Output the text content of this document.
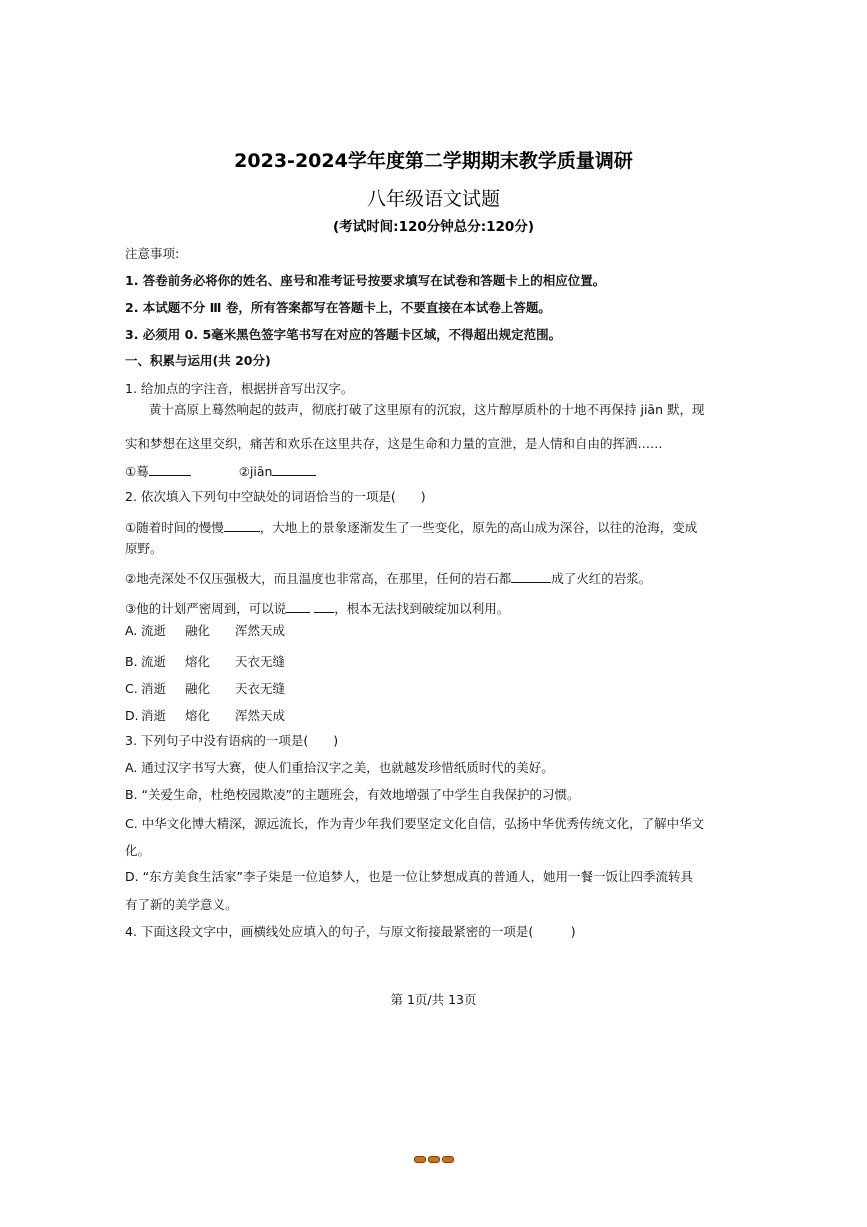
2023-2024学年度第二学期期末教学质量调研
八年级语文试题
(考试时间:120分钟总分:120分)
注意事项:
1. 答卷前务必将你的姓名、座号和准考证号按要求填写在试卷和答题卡上的相应位置。
2. 本试题不分 Ⅲ 卷，所有答案都写在答题卡上，不要直接在本试卷上答题。
3. 必须用 0. 5毫米黑色签字笔书写在对应的答题卡区域，不得超出规定范围。
一、积累与运用(共 20分)
1. 给加点的字注音，根据拼音写出汉字。
黄十高原上蓦然响起的鼓声，彻底打破了这里原有的沉寂，这片醇厚质朴的十地不再保持 jiān 默，现
实和梦想在这里交织，痛苦和欢乐在这里共存，这是生命和力量的宣泄，是人情和自由的挥洒……
①蓦	②jiān
2. 依次填入下列句中空缺处的词语恰当的一项是(　　)
①随着时间的慢慢	，大地上的景象逐渐发生了一些变化，原先的高山成为深谷，以往的沧海，变成
原野。
②地壳深处不仅压强极大，而且温度也非常高，在那里，任何的岩石都	成了火红的岩浆。
③他的计划严密周到，可以说	，根本无法找到破绽加以利用。
A. 流逝 融化 浑然天成
B. 流逝 熔化 天衣无缝
C. 消逝 融化 天衣无缝
D. 消逝 熔化 浑然天成
3. 下列句子中没有语病的一项是(　　)
A. 通过汉字书写大赛，使人们重拾汉字之美，也就越发珍惜纸质时代的美好。
B. “关爱生命，杜绝校园欺凌”的主题班会，有效地增强了中学生自我保护的习惯。
C. 中华文化博大精深，源远流长，作为青少年我们要坚定文化自信，弘扬中华优秀传统文化，了解中华文
化。
D. “东方美食生活家”李子柒是一位追梦人，也是一位让梦想成真的普通人，她用一餐一饭让四季流转具
有了新的美学意义。
4. 下面这段文字中，画横线处应填入的句子，与原文衔接最紧密的一项是(　　　)
第 1页/共 13页
